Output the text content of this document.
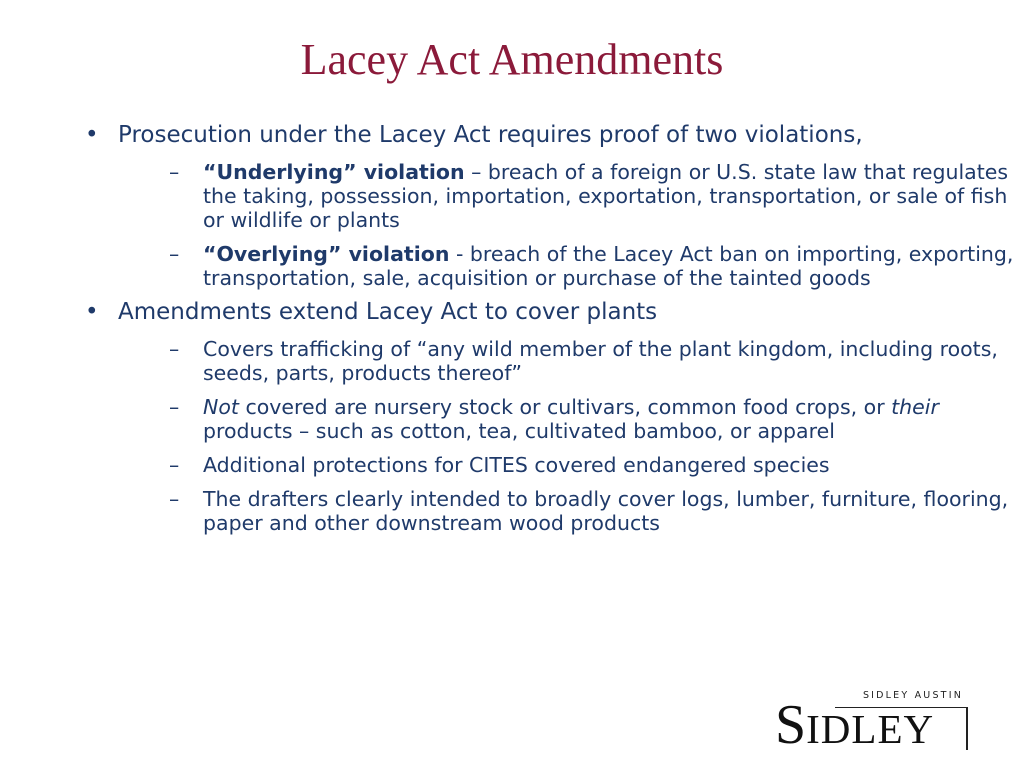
Lacey Act Amendments
• Prosecution under the Lacey Act requires proof of two violations,
– “Underlying” violation – breach of a foreign or U.S. state law that regulates the taking, possession, importation, exportation, transportation, or sale of fish or wildlife or plants
– “Overlying” violation - breach of the Lacey Act ban on importing, exporting, transportation, sale, acquisition or purchase of the tainted goods
• Amendments extend Lacey Act to cover plants
– Covers trafficking of “any wild member of the plant kingdom, including roots, seeds, parts, products thereof”
– Not covered are nursery stock or cultivars, common food crops, or their products – such as cotton, tea, cultivated bamboo, or apparel
– Additional protections for CITES covered endangered species
– The drafters clearly intended to broadly cover logs, lumber, furniture, flooring, paper and other downstream wood products
SIDLEY AUSTIN
SIDLEY
